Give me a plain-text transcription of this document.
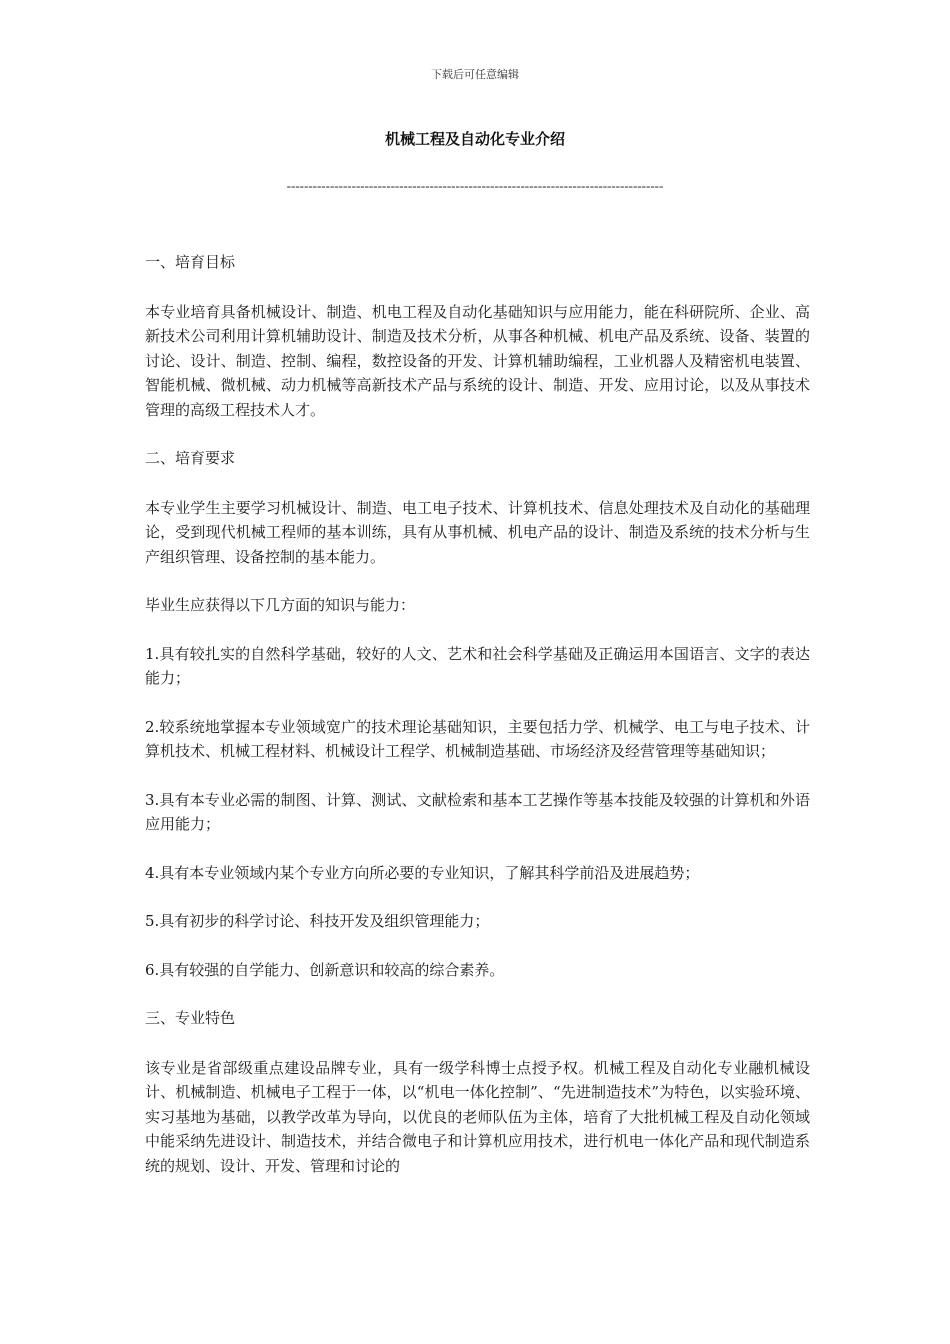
下载后可任意编辑
机械工程及自动化专业介绍
---------------------------------------------------------------------------------------

一、培育目标

本专业培育具备机械设计、制造、机电工程及自动化基础知识与应用能力，能在科研院所、企业、高新技术公司利用计算机辅助设计、制造及技术分析，从事各种机械、机电产品及系统、设备、装置的讨论、设计、制造、控制、编程，数控设备的开发、计算机辅助编程，工业机器人及精密机电装置、智能机械、微机械、动力机械等高新技术产品与系统的设计、制造、开发、应用讨论，以及从事技术管理的高级工程技术人才。

二、培育要求

本专业学生主要学习机械设计、制造、电工电子技术、计算机技术、信息处理技术及自动化的基础理论，受到现代机械工程师的基本训练，具有从事机械、机电产品的设计、制造及系统的技术分析与生产组织管理、设备控制的基本能力。

毕业生应获得以下几方面的知识与能力：

1.具有较扎实的自然科学基础，较好的人文、艺术和社会科学基础及正确运用本国语言、文字的表达能力；

2.较系统地掌握本专业领域宽广的技术理论基础知识，主要包括力学、机械学、电工与电子技术、计算机技术、机械工程材料、机械设计工程学、机械制造基础、市场经济及经营管理等基础知识；

3.具有本专业必需的制图、计算、测试、文献检索和基本工艺操作等基本技能及较强的计算机和外语应用能力；

4.具有本专业领域内某个专业方向所必要的专业知识，了解其科学前沿及进展趋势；

5.具有初步的科学讨论、科技开发及组织管理能力；

6.具有较强的自学能力、创新意识和较高的综合素养。

三、专业特色

该专业是省部级重点建设品牌专业，具有一级学科博士点授予权。机械工程及自动化专业融机械设计、机械制造、机械电子工程于一体，以“机电一体化控制”、“先进制造技术”为特色，以实验环境、实习基地为基础，以教学改革为导向，以优良的老师队伍为主体，培育了大批机械工程及自动化领域中能采纳先进设计、制造技术，并结合微电子和计算机应用技术，进行机电一体化产品和现代制造系统的规划、设计、开发、管理和讨论的
